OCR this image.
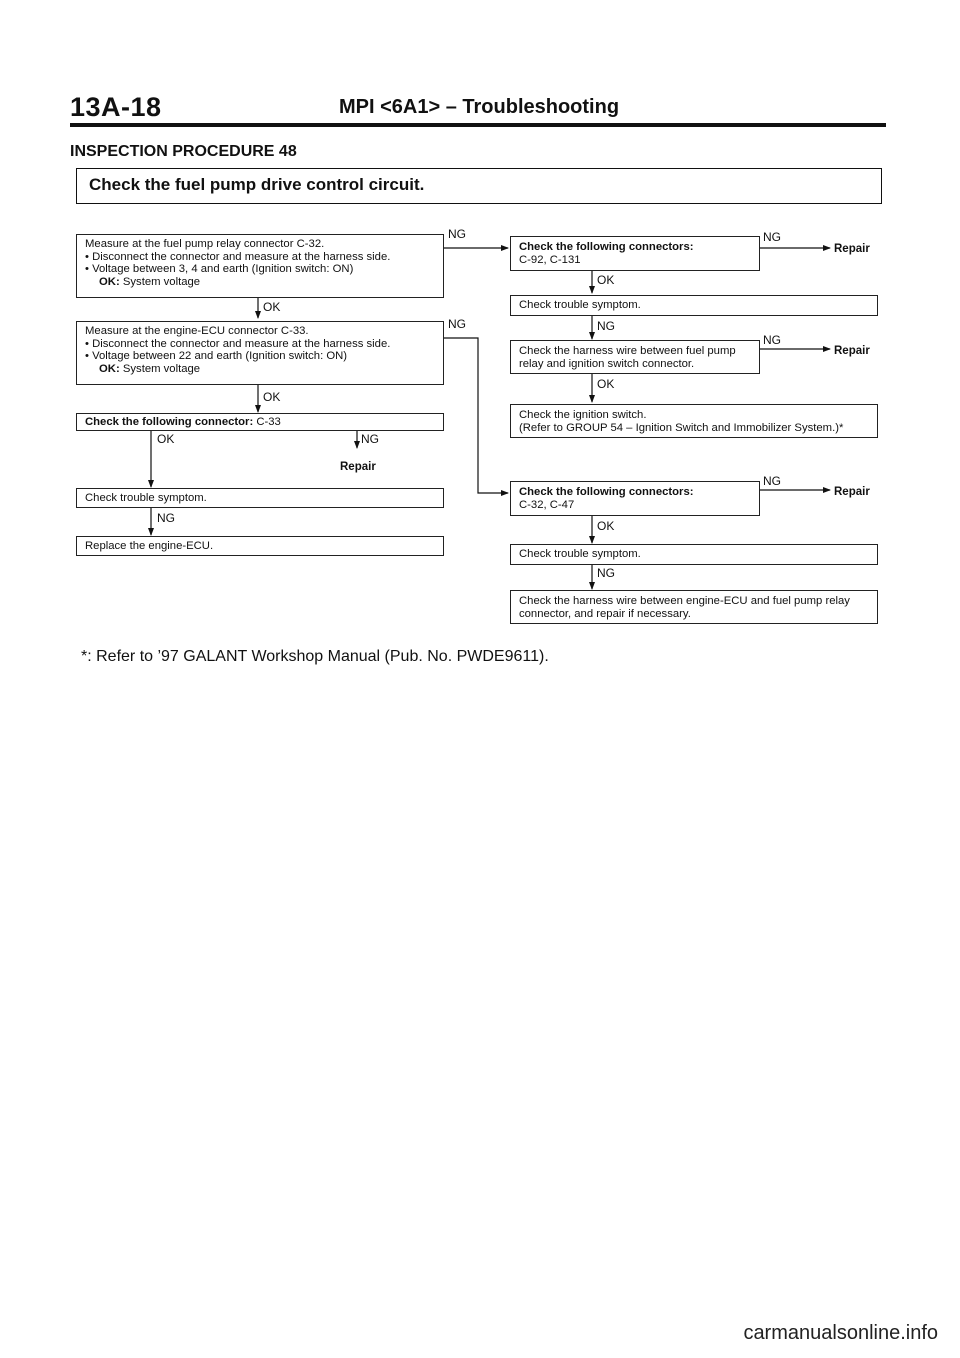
13A-18	MPI <6A1> – Troubleshooting
INSPECTION PROCEDURE 48
Check the fuel pump drive control circuit.
Measure at the fuel pump relay connector C-32.
• Disconnect the connector and measure at the harness side.
• Voltage between 3, 4 and earth (Ignition switch: ON)
OK: System voltage
Measure at the engine-ECU connector C-33.
• Disconnect the connector and measure at the harness side.
• Voltage between 22 and earth (Ignition switch: ON)
OK: System voltage
Check the following connector: C-33
Check trouble symptom.
Replace the engine-ECU.
Check the following connectors:
C-92, C-131
Check trouble symptom.
Check the harness wire between fuel pump
relay and ignition switch connector.
Check the ignition switch.
(Refer to GROUP 54 – Ignition Switch and Immobilizer System.)*
Check the following connectors:
C-32, C-47
Check trouble symptom.
Check the harness wire between engine-ECU and fuel pump relay
connector, and repair if necessary.
OK
OK
OK	NG
Repair
NG
NG
NG
NG
Repair
OK
NG
NG
Repair
OK
NG
Repair
OK
NG
*: Refer to ’97 GALANT Workshop Manual (Pub. No. PWDE9611).
carmanualsonline.info
